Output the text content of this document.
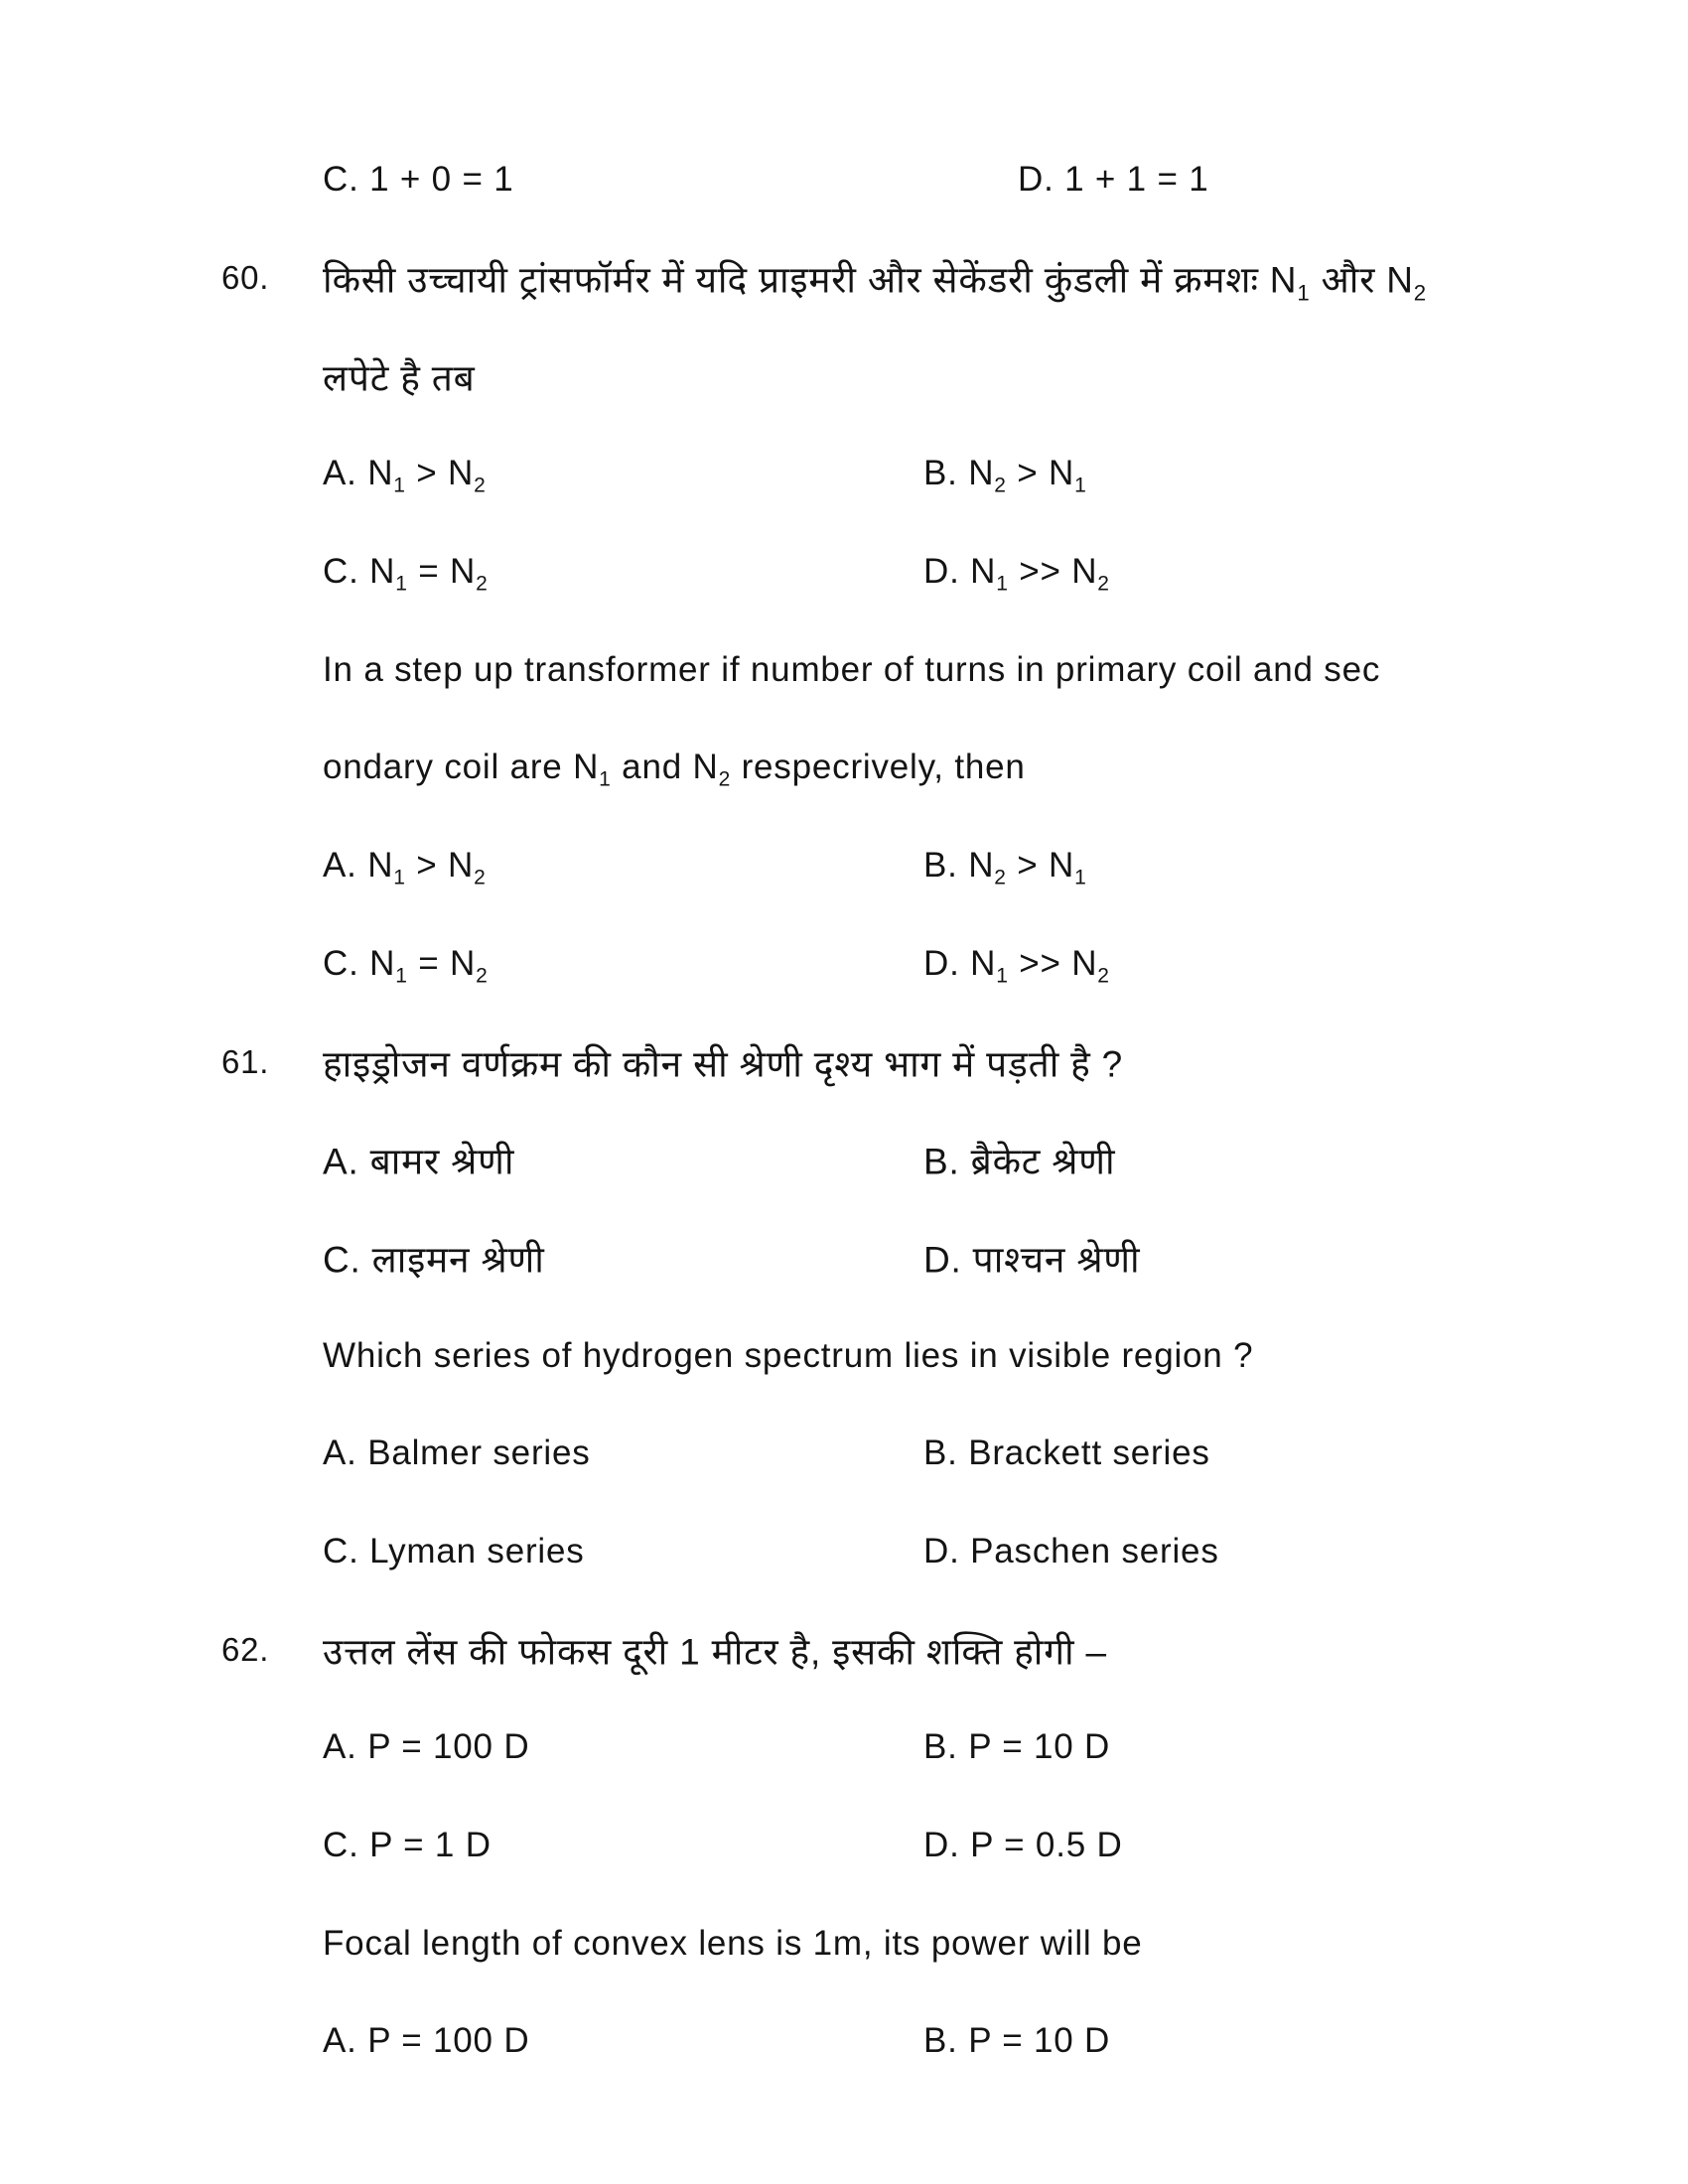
C. 1 + 0 = 1	D. 1 + 1 = 1
60. किसी उच्चायी ट्रांसफॉर्मर में यदि प्राइमरी और सेकेंडरी कुंडली में क्रमशः $N_1$ और $N_2$
लपेटे है तब
A. $N_1 > N_2$	B. $N_2 > N_1$
C. $N_1 = N_2$	D. $N_1 >> N_2$
In a step up transformer if number of turns in primary coil and sec
ondary coil are $N_1$ and $N_2$ respecrively, then
A. $N_1 > N_2$	B. $N_2 > N_1$
C. $N_1 = N_2$	D. $N_1 >> N_2$
61. हाइड्रोजन वर्णक्रम की कौन सी श्रेणी दृश्य भाग में पड़ती है ?
A. बामर श्रेणी	B. ब्रैकेट श्रेणी
C. लाइमन श्रेणी	D. पाश्चन श्रेणी
Which series of hydrogen spectrum lies in visible region ?
A. Balmer series	B. Brackett series
C. Lyman series	D. Paschen series
62. उत्तल लेंस की फोकस दूरी 1 मीटर है, इसकी शक्ति होगी –
A. P = 100 D	B. P = 10 D
C. P = 1 D	D. P = 0.5 D
Focal length of convex lens is 1m, its power will be
A. P = 100 D	B. P = 10 D
